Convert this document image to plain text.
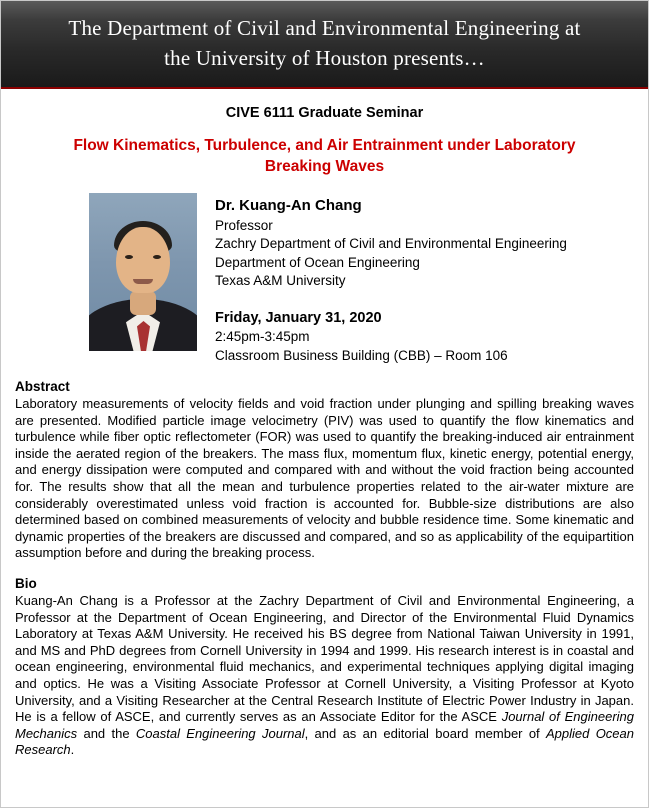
The Department of Civil and Environmental Engineering at
the University of Houston presents…
CIVE 6111 Graduate Seminar
Flow Kinematics, Turbulence, and Air Entrainment under Laboratory Breaking Waves
Dr. Kuang-An Chang
Professor
Zachry Department of Civil and Environmental Engineering
Department of Ocean Engineering
Texas A&M University
Friday, January 31, 2020
2:45pm-3:45pm
Classroom Business Building (CBB) – Room 106
Abstract
Laboratory measurements of velocity fields and void fraction under plunging and spilling breaking waves are presented. Modified particle image velocimetry (PIV) was used to quantify the flow kinematics and turbulence while fiber optic reflectometer (FOR) was used to quantify the breaking-induced air entrainment inside the aerated region of the breakers. The mass flux, momentum flux, kinetic energy, potential energy, and energy dissipation were computed and compared with and without the void fraction being accounted for. The results show that all the mean and turbulence properties related to the air-water mixture are considerably overestimated unless void fraction is accounted for. Bubble-size distributions are also determined based on combined measurements of velocity and bubble residence time. Some kinematic and dynamic properties of the breakers are discussed and compared, and so as applicability of the equipartition assumption before and during the breaking process.
Bio
Kuang-An Chang is a Professor at the Zachry Department of Civil and Environmental Engineering, a Professor at the Department of Ocean Engineering, and Director of the Environmental Fluid Dynamics Laboratory at Texas A&M University. He received his BS degree from National Taiwan University in 1991, and MS and PhD degrees from Cornell University in 1994 and 1999. His research interest is in coastal and ocean engineering, environmental fluid mechanics, and experimental techniques applying digital imaging and optics. He was a Visiting Associate Professor at Cornell University, a Visiting Professor at Kyoto University, and a Visiting Researcher at the Central Research Institute of Electric Power Industry in Japan. He is a fellow of ASCE, and currently serves as an Associate Editor for the ASCE Journal of Engineering Mechanics and the Coastal Engineering Journal, and as an editorial board member of Applied Ocean Research.
